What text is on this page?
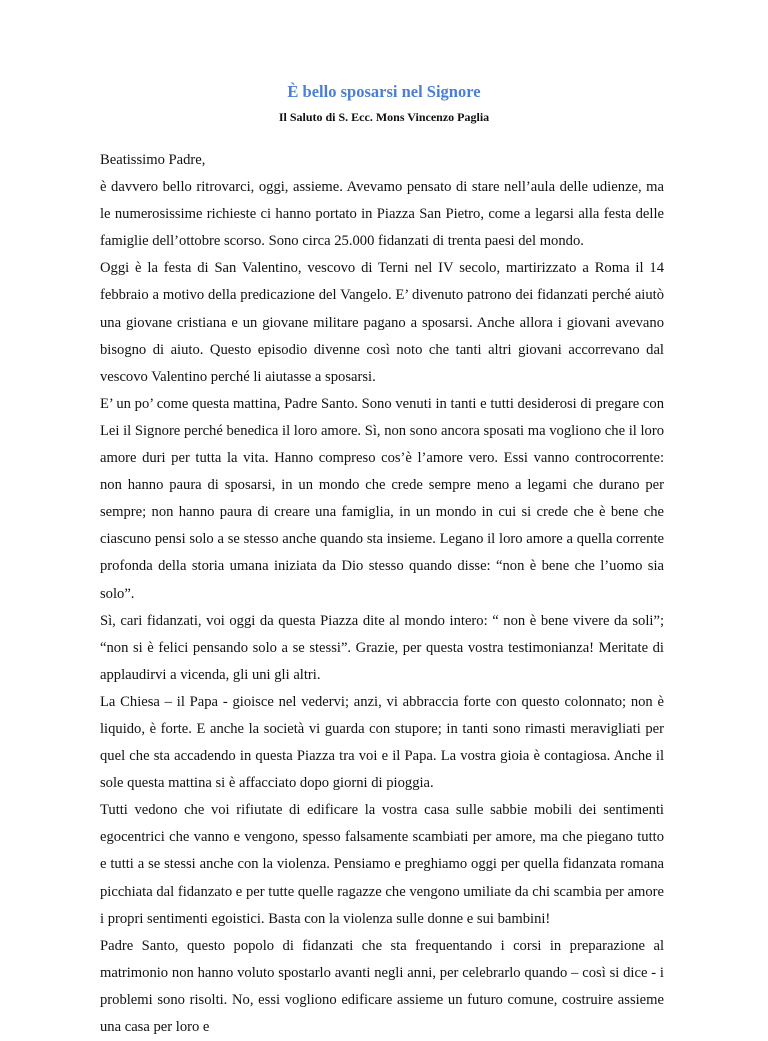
È bello sposarsi nel Signore
Il Saluto di S. Ecc. Mons Vincenzo Paglia

Beatissimo Padre,

è davvero bello ritrovarci, oggi, assieme. Avevamo pensato di stare nell’aula delle udienze, ma le numerosissime richieste ci hanno portato in Piazza San Pietro, come a legarsi alla festa delle famiglie dell’ottobre scorso. Sono circa 25.000 fidanzati di trenta paesi del mondo.

Oggi è la festa di San Valentino, vescovo di Terni nel IV secolo, martirizzato a Roma il 14 febbraio a motivo della predicazione del Vangelo. E’ divenuto patrono dei fidanzati perché aiutò una giovane cristiana e un giovane militare pagano a sposarsi. Anche allora i giovani avevano bisogno di aiuto. Questo episodio divenne così noto che tanti altri giovani accorrevano dal vescovo Valentino perché li aiutasse a sposarsi.

E’ un po’ come questa mattina, Padre Santo. Sono venuti in tanti e tutti desiderosi di pregare con Lei il Signore perché benedica il loro amore. Sì, non sono ancora sposati ma vogliono che il loro amore duri per tutta la vita. Hanno compreso cos’è l’amore vero. Essi vanno controcorrente: non hanno paura di sposarsi, in un mondo che crede sempre meno a legami che durano per sempre; non hanno paura di creare una famiglia, in un mondo in cui si crede che è bene che ciascuno pensi solo a se stesso anche quando sta insieme. Legano il loro amore a quella corrente profonda della storia umana iniziata da Dio stesso quando disse: “non è bene che l’uomo sia solo”.

Sì, cari fidanzati, voi oggi da questa Piazza dite al mondo intero: “ non è bene vivere da soli”; “non si è felici pensando solo a se stessi”. Grazie, per questa vostra testimonianza! Meritate di applaudirvi a vicenda, gli uni gli altri.

La Chiesa – il Papa - gioisce nel vedervi; anzi, vi abbraccia forte con questo colonnato; non è liquido, è forte. E anche la società vi guarda con stupore; in tanti sono rimasti meravigliati per quel che sta accadendo in questa Piazza tra voi e il Papa. La vostra gioia è contagiosa. Anche il sole questa mattina si è affacciato dopo giorni di pioggia.

Tutti vedono che voi rifiutate di edificare la vostra casa sulle sabbie mobili dei sentimenti egocentrici che vanno e vengono, spesso falsamente scambiati per amore, ma che piegano tutto e tutti a se stessi anche con la violenza. Pensiamo e preghiamo oggi per quella fidanzata romana picchiata dal fidanzato e per tutte quelle ragazze che vengono umiliate da chi scambia per amore i propri sentimenti egoistici. Basta con la violenza sulle donne e sui bambini!

Padre Santo, questo popolo di fidanzati che sta frequentando i corsi in preparazione al matrimonio non hanno voluto spostarlo avanti negli anni, per celebrarlo quando – così si dice - i problemi sono risolti. No, essi vogliono edificare assieme un futuro comune, costruire assieme una casa per loro e
